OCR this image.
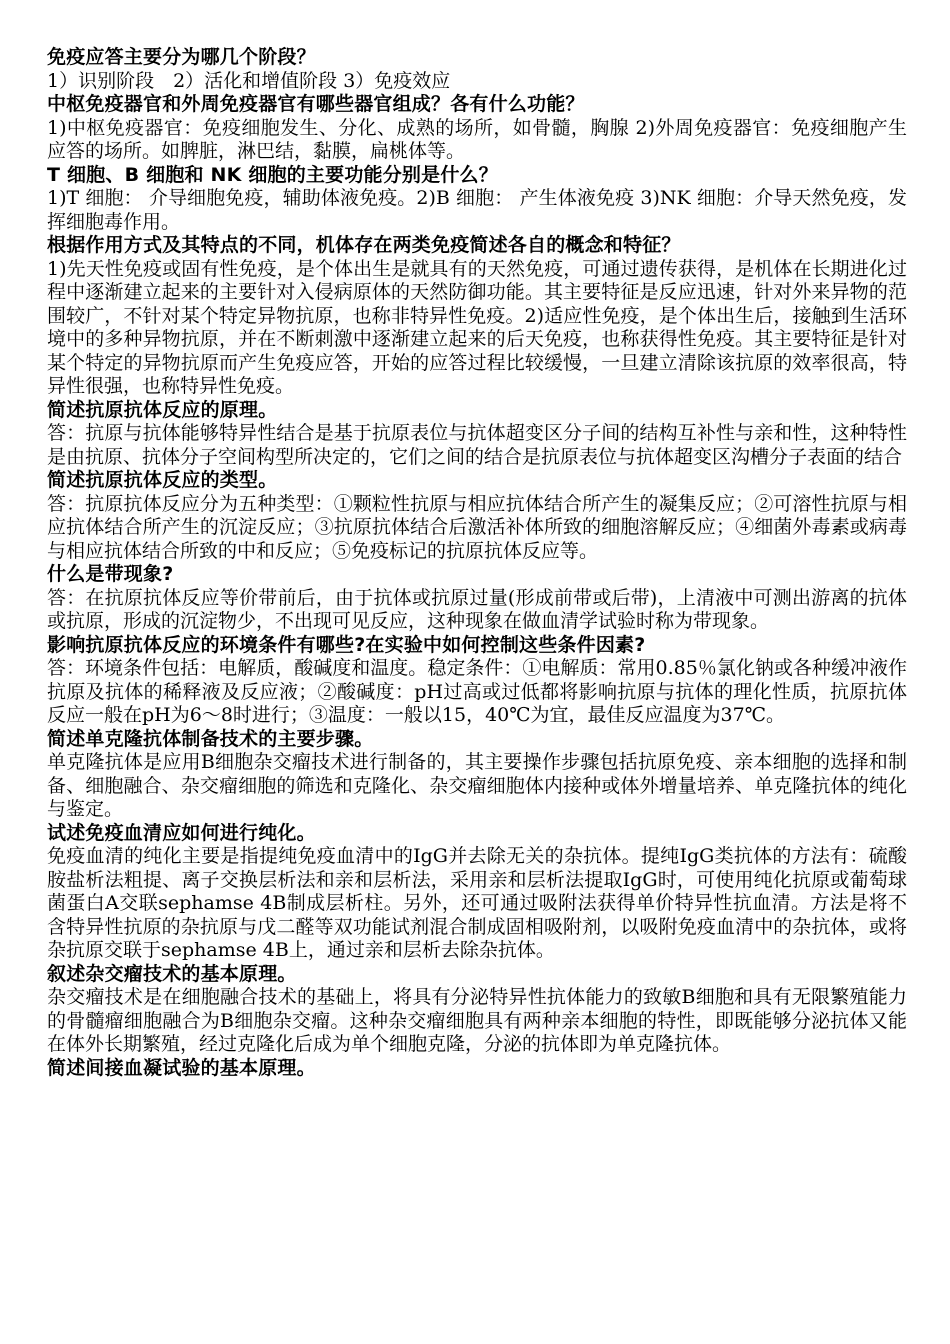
免疫应答主要分为哪几个阶段？

1）识别阶段　2）活化和增值阶段 3）免疫效应

中枢免疫器官和外周免疫器官有哪些器官组成？各有什么功能？

1)中枢免疫器官：免疫细胞发生、分化、成熟的场所，如骨髓，胸腺 2)外周免疫器官：免疫细胞产生应答的场所。如脾脏，淋巴结，黏膜，扁桃体等。

T 细胞、B 细胞和 NK 细胞的主要功能分别是什么？

1)T 细胞： 介导细胞免疫，辅助体液免疫。2)B 细胞： 产生体液免疫 3)NK 细胞：介导天然免疫，发挥细胞毒作用。

根据作用方式及其特点的不同，机体存在两类免疫简述各自的概念和特征？

1)先天性免疫或固有性免疫，是个体出生是就具有的天然免疫，可通过遗传获得，是机体在长期进化过程中逐渐建立起来的主要针对入侵病原体的天然防御功能。其主要特征是反应迅速，针对外来异物的范围较广，不针对某个特定异物抗原，也称非特异性免疫。2)适应性免疫，是个体出生后，接触到生活环境中的多种异物抗原，并在不断刺激中逐渐建立起来的后天免疫，也称获得性免疫。其主要特征是针对某个特定的异物抗原而产生免疫应答，开始的应答过程比较缓慢，一旦建立清除该抗原的效率很高，特异性很强，也称特异性免疫。

简述抗原抗体反应的原理。

答：抗原与抗体能够特异性结合是基于抗原表位与抗体超变区分子间的结构互补性与亲和性，这种特性是由抗原、抗体分子空间构型所决定的，它们之间的结合是抗原表位与抗体超变区沟槽分子表面的结合

简述抗原抗体反应的类型。

答：抗原抗体反应分为五种类型：①颗粒性抗原与相应抗体结合所产生的凝集反应；②可溶性抗原与相应抗体结合所产生的沉淀反应；③抗原抗体结合后激活补体所致的细胞溶解反应；④细菌外毒素或病毒与相应抗体结合所致的中和反应；⑤免疫标记的抗原抗体反应等。

什么是带现象?

答：在抗原抗体反应等价带前后，由于抗体或抗原过量(形成前带或后带)，上清液中可测出游离的抗体或抗原，形成的沉淀物少，不出现可见反应，这种现象在做血清学试验时称为带现象。

影响抗原抗体反应的环境条件有哪些?在实验中如何控制这些条件因素?

答：环境条件包括：电解质，酸碱度和温度。稳定条件：①电解质：常用0.85％氯化钠或各种缓冲液作抗原及抗体的稀释液及反应液；②酸碱度：pH过高或过低都将影响抗原与抗体的理化性质，抗原抗体反应一般在pH为6～8时进行；③温度：一般以15，40℃为宜，最佳反应温度为37℃。

简述单克隆抗体制备技术的主要步骤。

单克隆抗体是应用B细胞杂交瘤技术进行制备的，其主要操作步骤包括抗原免疫、亲本细胞的选择和制备、细胞融合、杂交瘤细胞的筛选和克隆化、杂交瘤细胞体内接种或体外增量培养、单克隆抗体的纯化与鉴定。

试述免疫血清应如何进行纯化。

免疫血清的纯化主要是指提纯免疫血清中的IgG并去除无关的杂抗体。提纯IgG类抗体的方法有：硫酸胺盐析法粗提、离子交换层析法和亲和层析法，采用亲和层析法提取IgG时，可使用纯化抗原或葡萄球菌蛋白A交联sephamse 4B制成层析柱。另外，还可通过吸附法获得单价特异性抗血清。方法是将不含特异性抗原的杂抗原与戊二醛等双功能试剂混合制成固相吸附剂，以吸附免疫血清中的杂抗体，或将杂抗原交联于sephamse 4B上，通过亲和层析去除杂抗体。

叙述杂交瘤技术的基本原理。

杂交瘤技术是在细胞融合技术的基础上，将具有分泌特异性抗体能力的致敏B细胞和具有无限繁殖能力的骨髓瘤细胞融合为B细胞杂交瘤。这种杂交瘤细胞具有两种亲本细胞的特性，即既能够分泌抗体又能在体外长期繁殖，经过克隆化后成为单个细胞克隆，分泌的抗体即为单克隆抗体。

简述间接血凝试验的基本原理。
